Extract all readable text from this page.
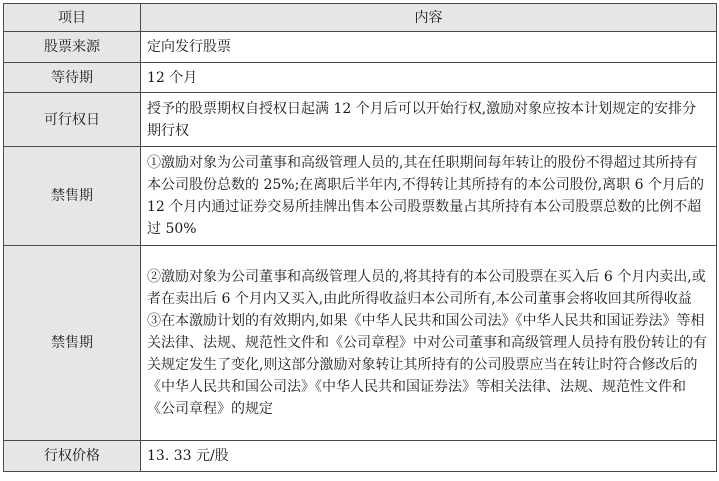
项目	内容
股票来源	定向发行股票
等待期	12 个月
可行权日	授予的股票期权自授权日起满 12 个月后可以开始行权,激励对象应按本计划规定的安排分期行权
禁售期	①激励对象为公司董事和高级管理人员的,其在任职期间每年转让的股份不得超过其所持有本公司股份总数的 25%;在离职后半年内,不得转让其所持有的本公司股份,离职 6 个月后的 12 个月内通过证券交易所挂牌出售本公司股票数量占其所持有本公司股票总数的比例不超过 50%
禁售期	②激励对象为公司董事和高级管理人员的,将其持有的本公司股票在买入后 6 个月内卖出,或者在卖出后 6 个月内又买入,由此所得收益归本公司所有,本公司董事会将收回其所得收益
③在本激励计划的有效期内,如果《中华人民共和国公司法》《中华人民共和国证券法》等相关法律、法规、规范性文件和《公司章程》中对公司董事和高级管理人员持有股份转让的有关规定发生了变化,则这部分激励对象转让其所持有的公司股票应当在转让时符合修改后的《中华人民共和国公司法》《中华人民共和国证券法》等相关法律、法规、规范性文件和《公司章程》的规定

行权价格	13. 33 元/股
